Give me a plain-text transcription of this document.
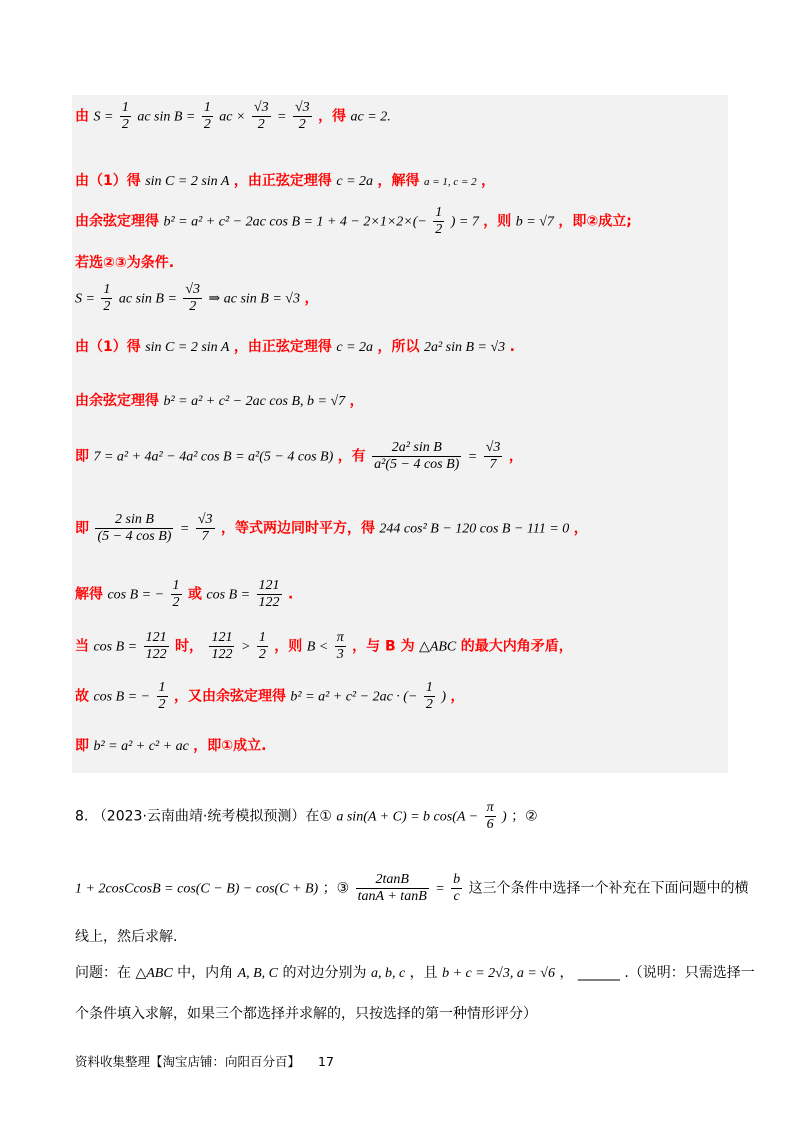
由 $S = \frac{1}{2}$ ac $\sin B = \frac{1}{2}$ ac × $\frac{√3}{2} = \frac{√3}{2}$ ，得 ac = 2.
由（1）得 sin C = 2 sin A ，由正弦定理得 c = 2a ，解得 a = 1, c = 2 ，
由余弦定理得 b² = a² + c² − 2ac $\cos B = 1 + 4 - 2\times 1\times 2\times(- \frac{1}{2}$ ) = 7 ，则 b = √7 ，即②成立;
若选②③为条件.
$S = \frac{1}{2}$ ac $\sin B = \frac{√3}{2}$ ⇒ ac sin B = √3 ，
由（1）得 sin C = 2 sin A ，由正弦定理得 c = 2a ，所以 2a² sin B = √3 .
由余弦定理得 b² = a² + c² − 2ac cos B, b = √7 ，
即 7 = a² + 4a² − 4a² cos B = a²(5 − 4 cos B) ，有 $\frac{\text{2a² sin B}}{\text{a²(5 − 4 cos B)}} = \frac{√3}{7}$ ，
即 $\frac{\text{2 sin B}}{\text{(5 − 4 cos B)}} = \frac{√3}{7}$ ，等式两边同时平方，得 244 cos² B − 120 cos B − 111 = 0 ，
解得 cos B = − $\frac{1}{2}$ 或 $\cos B = \frac{121}{122}$ .
当 $\cos B = \frac{121}{122}$ 时， $\frac{121}{122} > \frac{1}{2}$ ，则 $B < \frac{\pi}{3}$ ，与 B 为 △ABC 的最大内角矛盾，
故 cos B = − $\frac{1}{2}$ ，又由余弦定理得 b² = a² + c² − 2ac · (− $\frac{1}{2}$ ) ，
即 b² = a² + c² + ac ，即①成立.
8. （2023·云南曲靖·统考模拟预测）在① a sin(A + C) = b $\cos(A - \frac{\pi}{6}$ ) ；②
1 + 2cosCcosB = cos(C − B) − cos(C + B) ；③ $\frac{2\tan B}{\tan A + \tan B} = \frac{b}{c}$ 这三个条件中选择一个补充在下面问题中的横
线上，然后求解.
问题：在 △ABC 中，内角 A, B, C 的对边分别为 a, b, c ，且 b + c = 2√3, a = √6 ， ______ .（说明：只需选择一
个条件填入求解，如果三个都选择并求解的，只按选择的第一种情形评分）
资料收集整理【淘宝店铺：向阳百分百】 17
